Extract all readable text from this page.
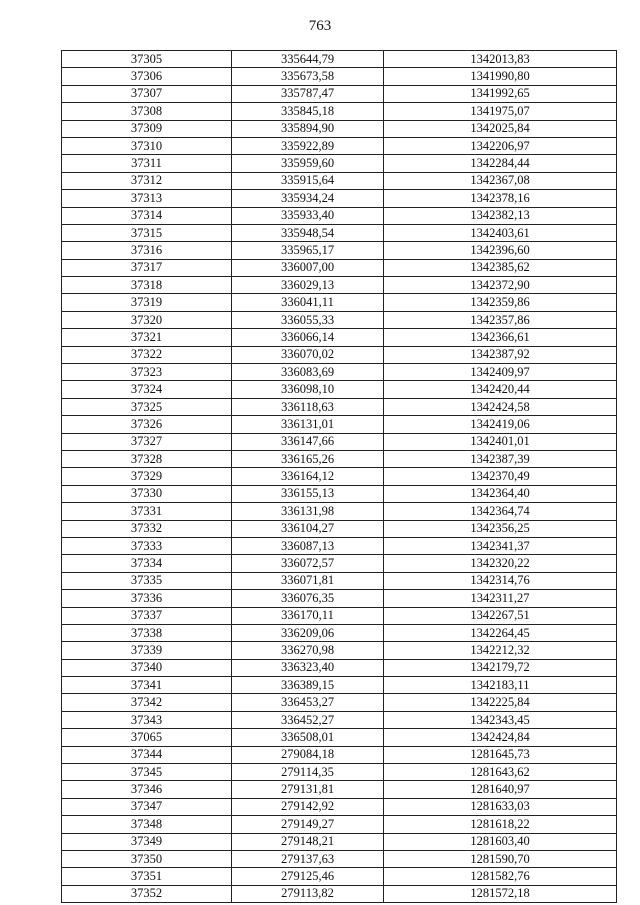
763
37305	335644,79	1342013,83
37306	335673,58	1341990,80
37307	335787,47	1341992,65
37308	335845,18	1341975,07
37309	335894,90	1342025,84
37310	335922,89	1342206,97
37311	335959,60	1342284,44
37312	335915,64	1342367,08
37313	335934,24	1342378,16
37314	335933,40	1342382,13
37315	335948,54	1342403,61
37316	335965,17	1342396,60
37317	336007,00	1342385,62
37318	336029,13	1342372,90
37319	336041,11	1342359,86
37320	336055,33	1342357,86
37321	336066,14	1342366,61
37322	336070,02	1342387,92
37323	336083,69	1342409,97
37324	336098,10	1342420,44
37325	336118,63	1342424,58
37326	336131,01	1342419,06
37327	336147,66	1342401,01
37328	336165,26	1342387,39
37329	336164,12	1342370,49
37330	336155,13	1342364,40
37331	336131,98	1342364,74
37332	336104,27	1342356,25
37333	336087,13	1342341,37
37334	336072,57	1342320,22
37335	336071,81	1342314,76
37336	336076,35	1342311,27
37337	336170,11	1342267,51
37338	336209,06	1342264,45
37339	336270,98	1342212,32
37340	336323,40	1342179,72
37341	336389,15	1342183,11
37342	336453,27	1342225,84
37343	336452,27	1342343,45
37065	336508,01	1342424,84
37344	279084,18	1281645,73
37345	279114,35	1281643,62
37346	279131,81	1281640,97
37347	279142,92	1281633,03
37348	279149,27	1281618,22
37349	279148,21	1281603,40
37350	279137,63	1281590,70
37351	279125,46	1281582,76
37352	279113,82	1281572,18
